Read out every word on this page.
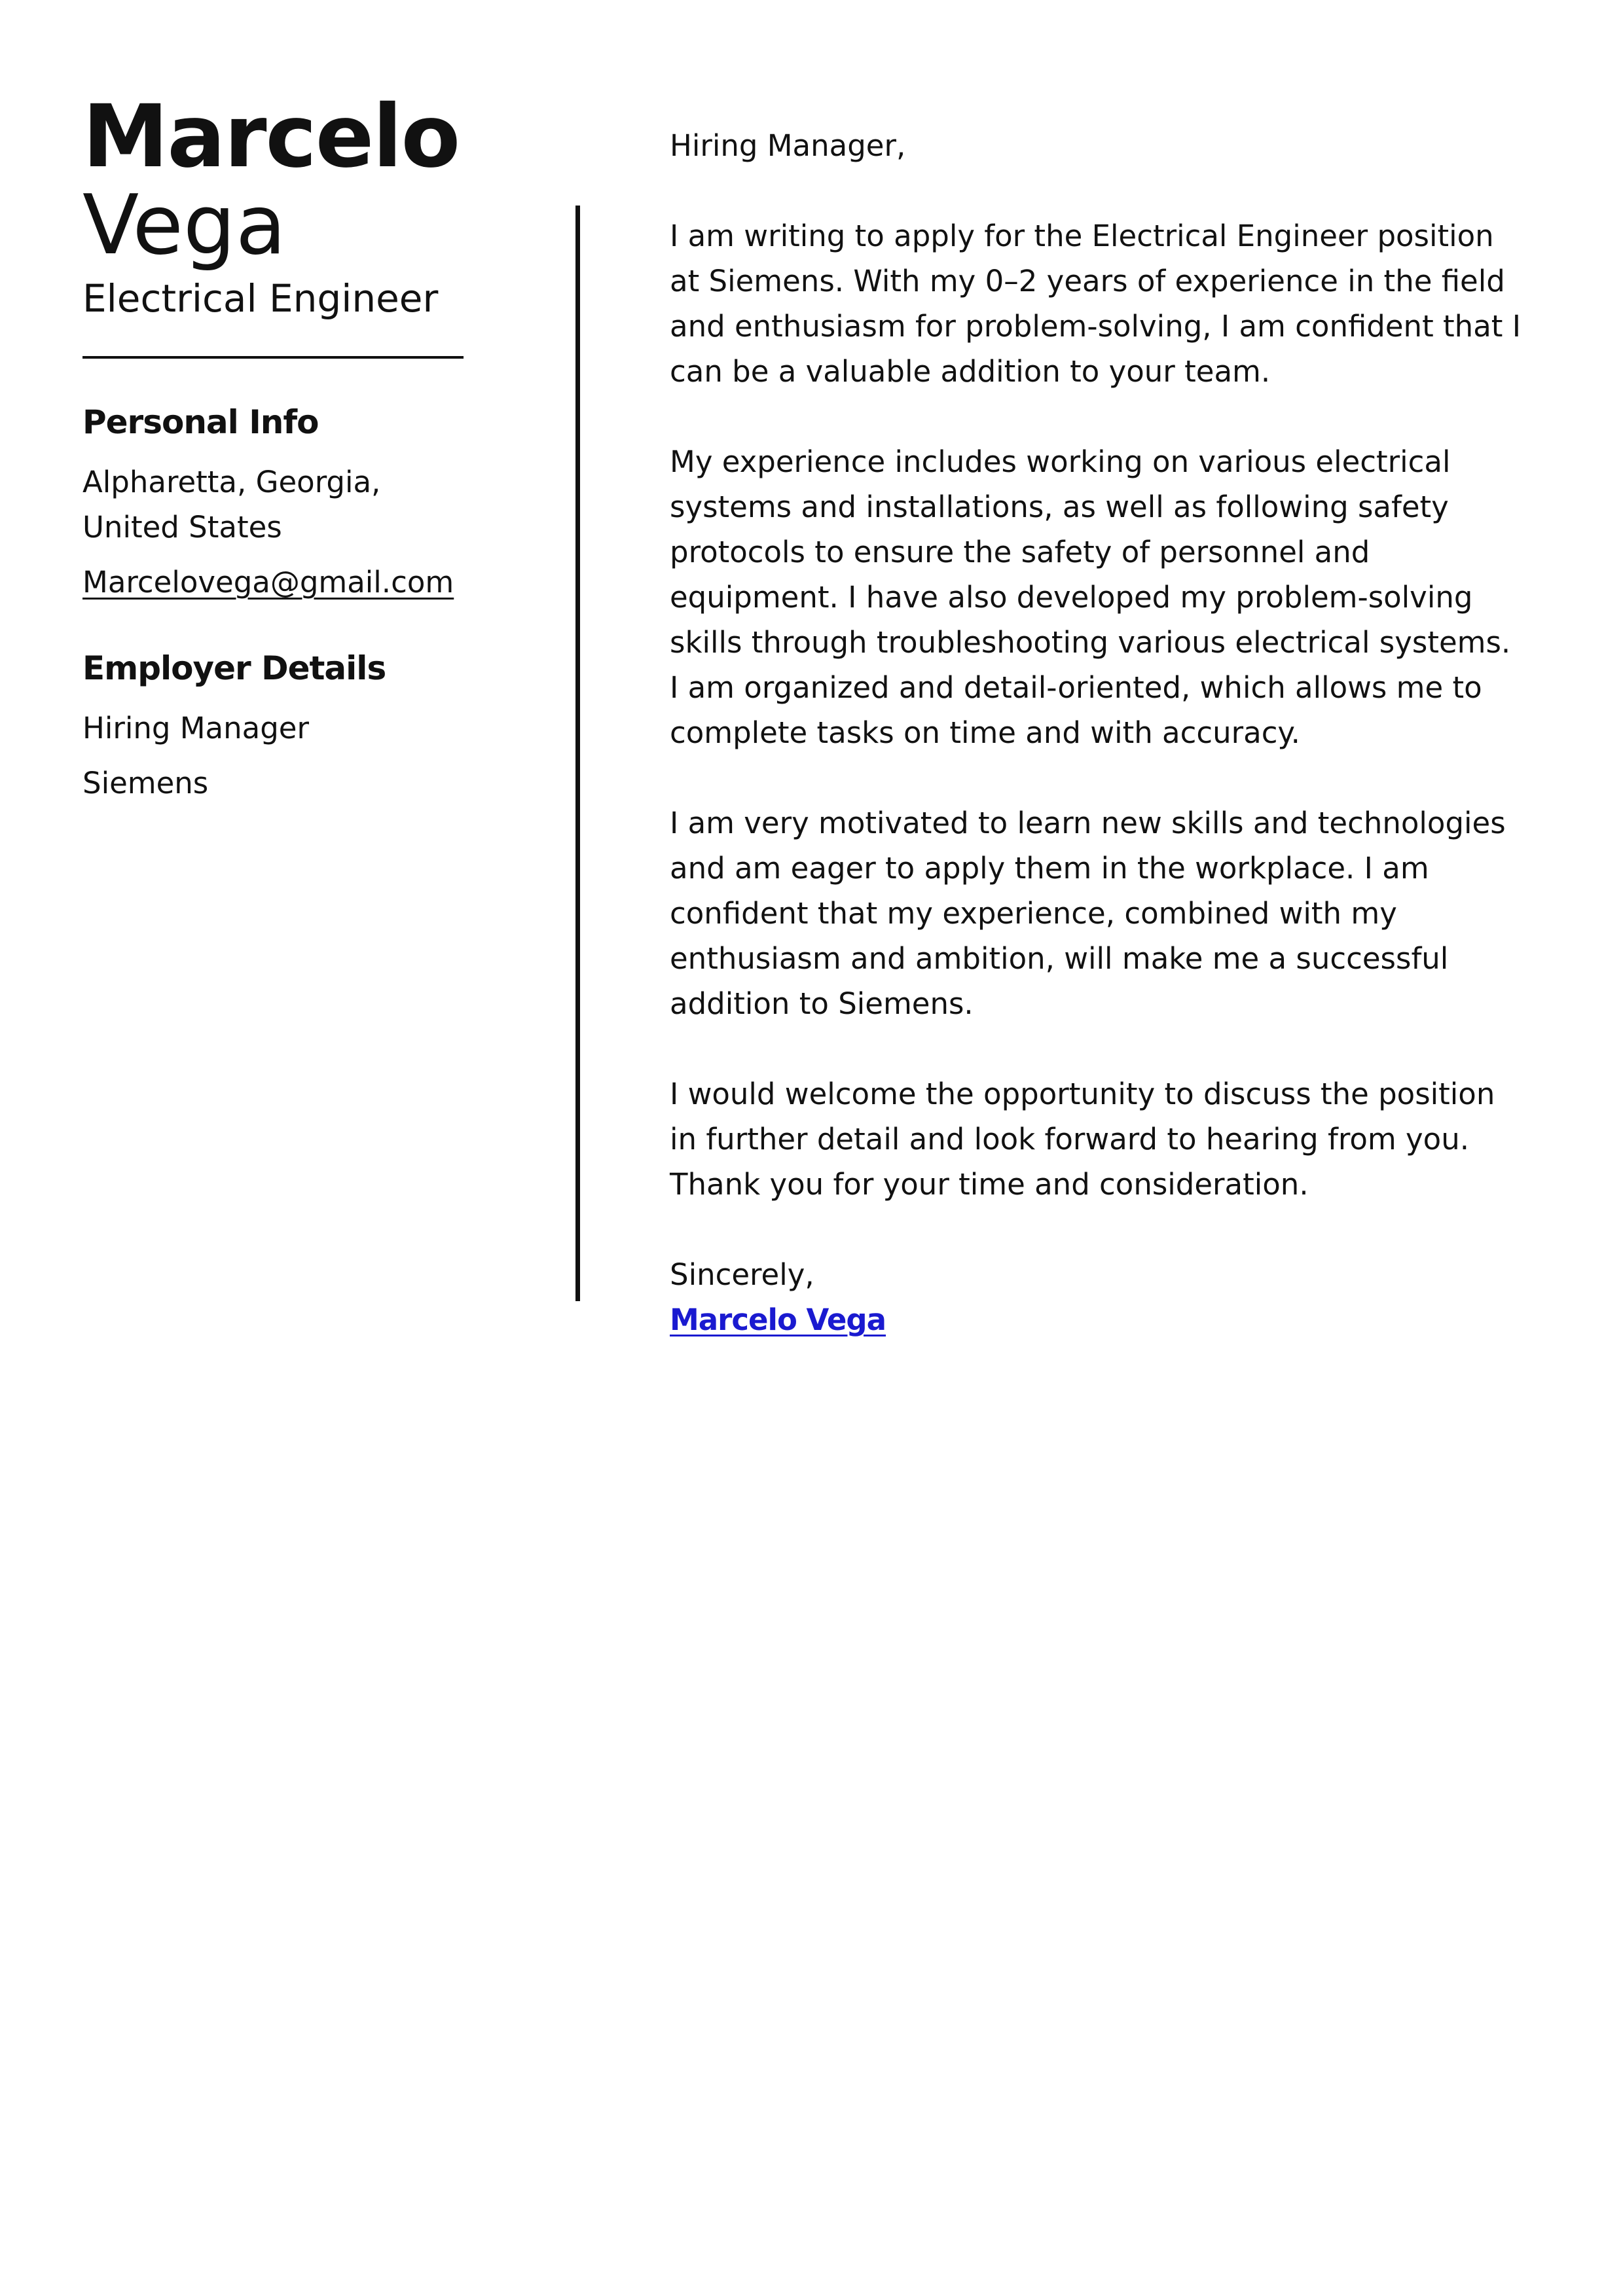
Marcelo
Vega
Electrical Engineer
Personal Info
Alpharetta, Georgia, United States
Marcelovega@gmail.com
Employer Details
Hiring Manager
Siemens

Hiring Manager,

I am writing to apply for the Electrical Engineer position at Siemens. With my 0–2 years of experience in the field and enthusiasm for problem-solving, I am confident that I can be a valuable addition to your team.

My experience includes working on various electrical systems and installations, as well as following safety protocols to ensure the safety of personnel and equipment. I have also developed my problem-solving skills through troubleshooting various electrical systems. I am organized and detail-oriented, which allows me to complete tasks on time and with accuracy.

I am very motivated to learn new skills and technologies and am eager to apply them in the workplace. I am confident that my experience, combined with my enthusiasm and ambition, will make me a successful addition to Siemens.

I would welcome the opportunity to discuss the position in further detail and look forward to hearing from you. Thank you for your time and consideration.

Sincerely,
Marcelo Vega
